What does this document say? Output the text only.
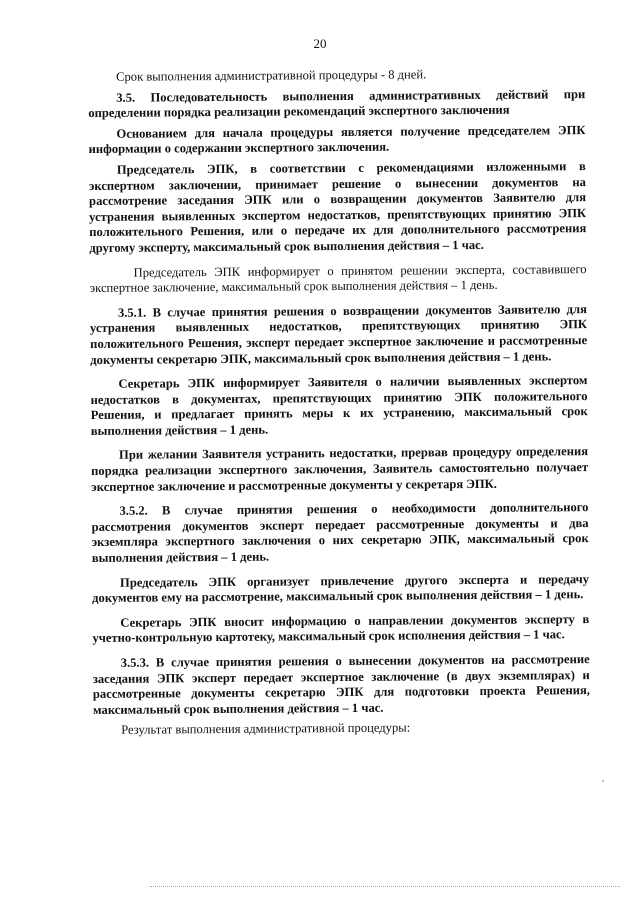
20

Срок выполнения административной процедуры - 8 дней.

3.5. Последовательность выполнения административных действий при определении порядка реализации рекомендаций экспертного заключения

Основанием для начала процедуры является получение председателем ЭПК информации о содержании экспертного заключения.

Председатель ЭПК, в соответствии с рекомендациями изложенными в экспертном заключении, принимает решение о вынесении документов на рассмотрение заседания ЭПК или о возвращении документов Заявителю для устранения выявленных экспертом недостатков, препятствующих принятию ЭПК положительного Решения, или о передаче их для дополнительного рассмотрения другому эксперту, максимальный срок выполнения действия – 1 час.

Председатель ЭПК информирует о принятом решении эксперта, составившего экспертное заключение, максимальный срок выполнения действия – 1 день.

3.5.1. В случае принятия решения о возвращении документов Заявителю для устранения выявленных недостатков, препятствующих принятию ЭПК положительного Решения, эксперт передает экспертное заключение и рассмотренные документы секретарю ЭПК, максимальный срок выполнения действия – 1 день.

Секретарь ЭПК информирует Заявителя о наличии выявленных экспертом недостатков в документах, препятствующих принятию ЭПК положительного Решения, и предлагает принять меры к их устранению, максимальный срок выполнения действия – 1 день.

При желании Заявителя устранить недостатки, прервав процедуру определения порядка реализации экспертного заключения, Заявитель самостоятельно получает экспертное заключение и рассмотренные документы у секретаря ЭПК.

3.5.2. В случае принятия решения о необходимости дополнительного рассмотрения документов эксперт передает рассмотренные документы и два экземпляра экспертного заключения о них секретарю ЭПК, максимальный срок выполнения действия – 1 день.

Председатель ЭПК организует привлечение другого эксперта и передачу документов ему на рассмотрение, максимальный срок выполнения действия – 1 день.

Секретарь ЭПК вносит информацию о направлении документов эксперту в учетно-контрольную картотеку, максимальный срок исполнения действия – 1 час.

3.5.3. В случае принятия решения о вынесении документов на рассмотрение заседания ЭПК эксперт передает экспертное заключение (в двух экземплярах) и рассмотренные документы секретарю ЭПК для подготовки проекта Решения, максимальный срок выполнения действия – 1 час.

Результат выполнения административной процедуры:
